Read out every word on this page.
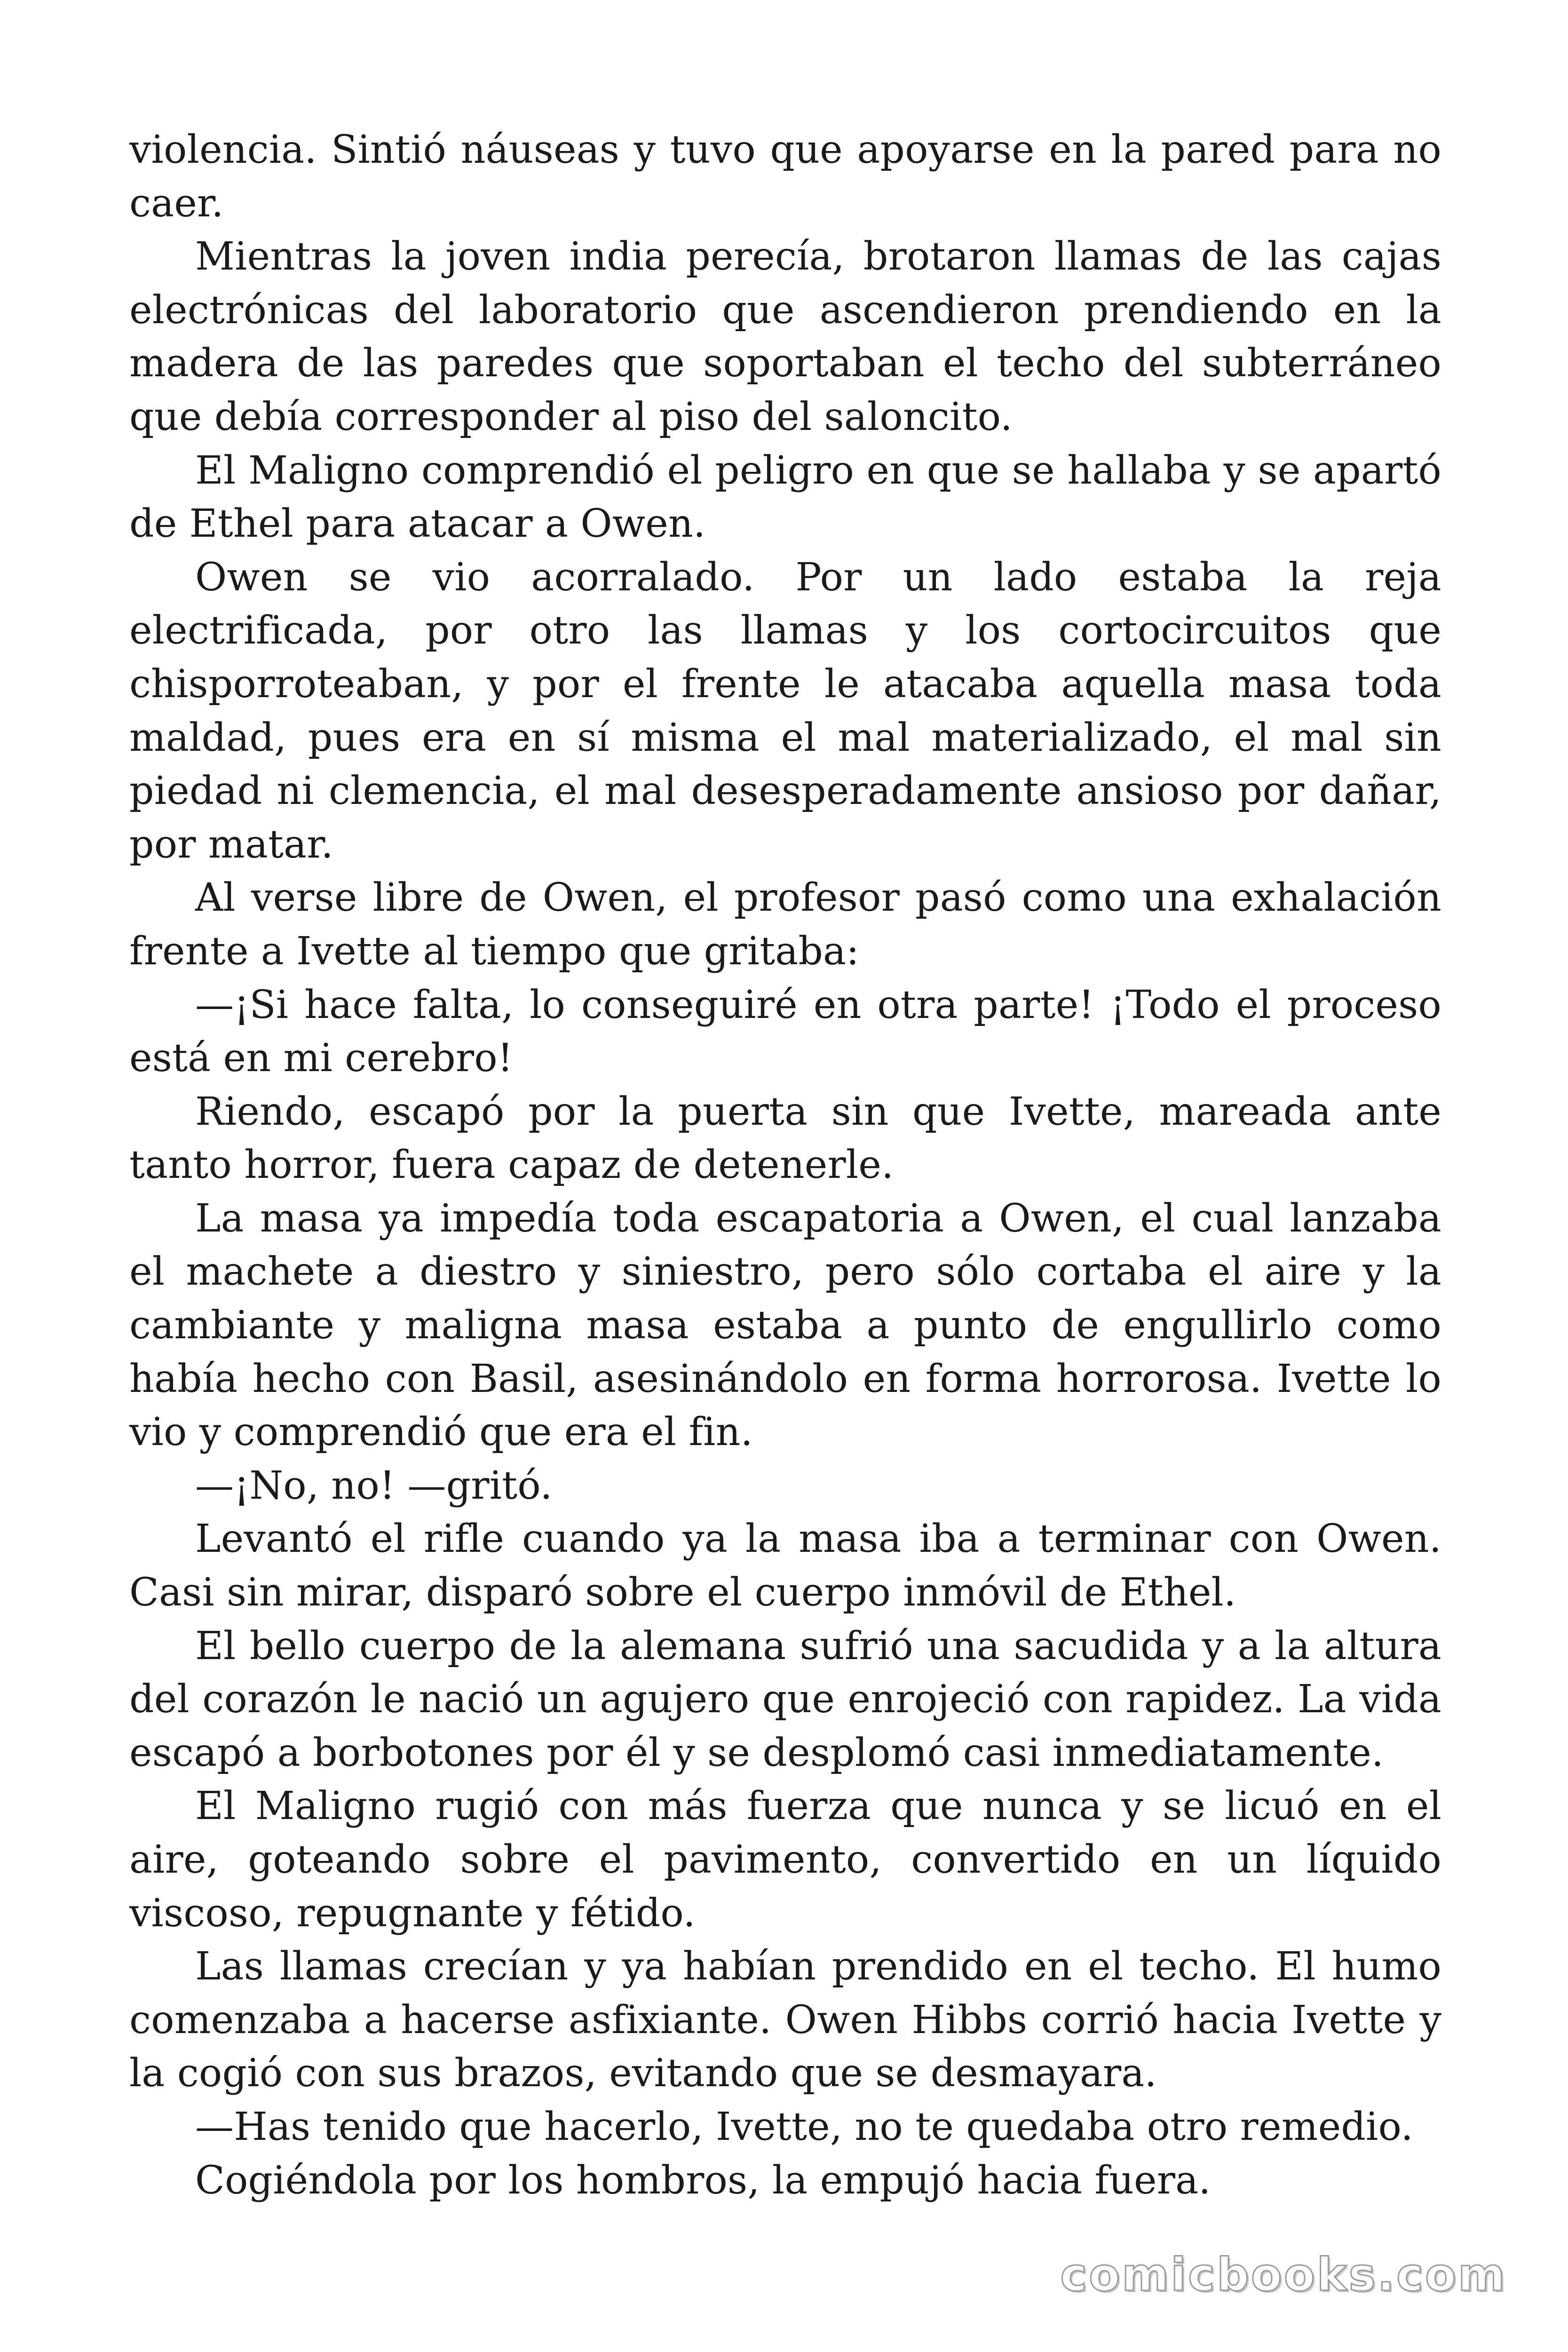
violencia. Sintió náuseas y tuvo que apoyarse en la pared para no caer.

Mientras la joven india perecía, brotaron llamas de las cajas electrónicas del laboratorio que ascendieron prendiendo en la madera de las paredes que soportaban el techo del subterráneo que debía corresponder al piso del saloncito.

El Maligno comprendió el peligro en que se hallaba y se apartó de Ethel para atacar a Owen.

Owen se vio acorralado. Por un lado estaba la reja electrificada, por otro las llamas y los cortocircuitos que chisporroteaban, y por el frente le atacaba aquella masa toda maldad, pues era en sí misma el mal materializado, el mal sin piedad ni clemencia, el mal desesperadamente ansioso por dañar, por matar.

Al verse libre de Owen, el profesor pasó como una exhalación frente a Ivette al tiempo que gritaba:

—¡Si hace falta, lo conseguiré en otra parte! ¡Todo el proceso está en mi cerebro!

Riendo, escapó por la puerta sin que Ivette, mareada ante tanto horror, fuera capaz de detenerle.

La masa ya impedía toda escapatoria a Owen, el cual lanzaba el machete a diestro y siniestro, pero sólo cortaba el aire y la cambiante y maligna masa estaba a punto de engullirlo como había hecho con Basil, asesinándolo en forma horrorosa. Ivette lo vio y comprendió que era el fin.

—¡No, no! —gritó.

Levantó el rifle cuando ya la masa iba a terminar con Owen. Casi sin mirar, disparó sobre el cuerpo inmóvil de Ethel.

El bello cuerpo de la alemana sufrió una sacudida y a la altura del corazón le nació un agujero que enrojeció con rapidez. La vida escapó a borbotones por él y se desplomó casi inmediatamente.

El Maligno rugió con más fuerza que nunca y se licuó en el aire, goteando sobre el pavimento, convertido en un líquido viscoso, repugnante y fétido.

Las llamas crecían y ya habían prendido en el techo. El humo comenzaba a hacerse asfixiante. Owen Hibbs corrió hacia Ivette y la cogió con sus brazos, evitando que se desmayara.

—Has tenido que hacerlo, Ivette, no te quedaba otro remedio.

Cogiéndola por los hombros, la empujó hacia fuera.

comicbooks.com
